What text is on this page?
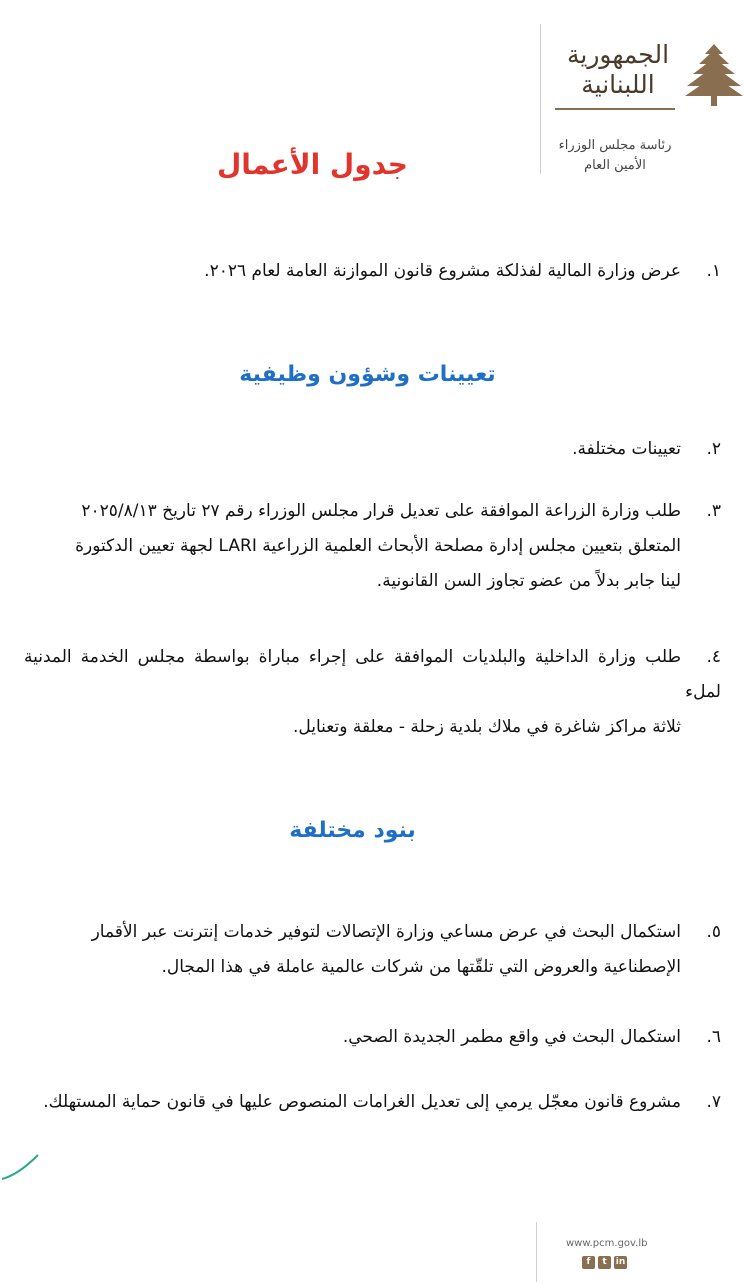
الجمهورية
اللبنانية
رئاسة مجلس الوزراء
الأمين العام
جدول الأعمال
١.عرض وزارة المالية لفذلكة مشروع قانون الموازنة العامة لعام ٢٠٢٦.
تعيينات وشؤون وظيفية
٢.تعيينات مختلفة.
٣.طلب وزارة الزراعة الموافقة على تعديل قرار مجلس الوزراء رقم ٢٧ تاريخ ٢٠٢٥/٨/١٣
المتعلق بتعيين مجلس إدارة مصلحة الأبحاث العلمية الزراعية LARI لجهة تعيين الدكتورة
لينا جابر بدلاً من عضو تجاوز السن القانونية.
٤.طلب وزارة الداخلية والبلديات الموافقة على إجراء مباراة بواسطة مجلس الخدمة المدنية لملء
ثلاثة مراكز شاغرة في ملاك بلدية زحلة - معلقة وتعنايل.
بنود مختلفة
٥.استكمال البحث في عرض مساعي وزارة الإتصالات لتوفير خدمات إنترنت عبر الأقمار
الإصطناعية والعروض التي تلقّتها من شركات عالمية عاملة في هذا المجال.
٦.استكمال البحث في واقع مطمر الجديدة الصحي.
٧.مشروع قانون معجّل يرمي إلى تعديل الغرامات المنصوص عليها في قانون حماية المستهلك.
www.pcm.gov.lb
f	t	in
